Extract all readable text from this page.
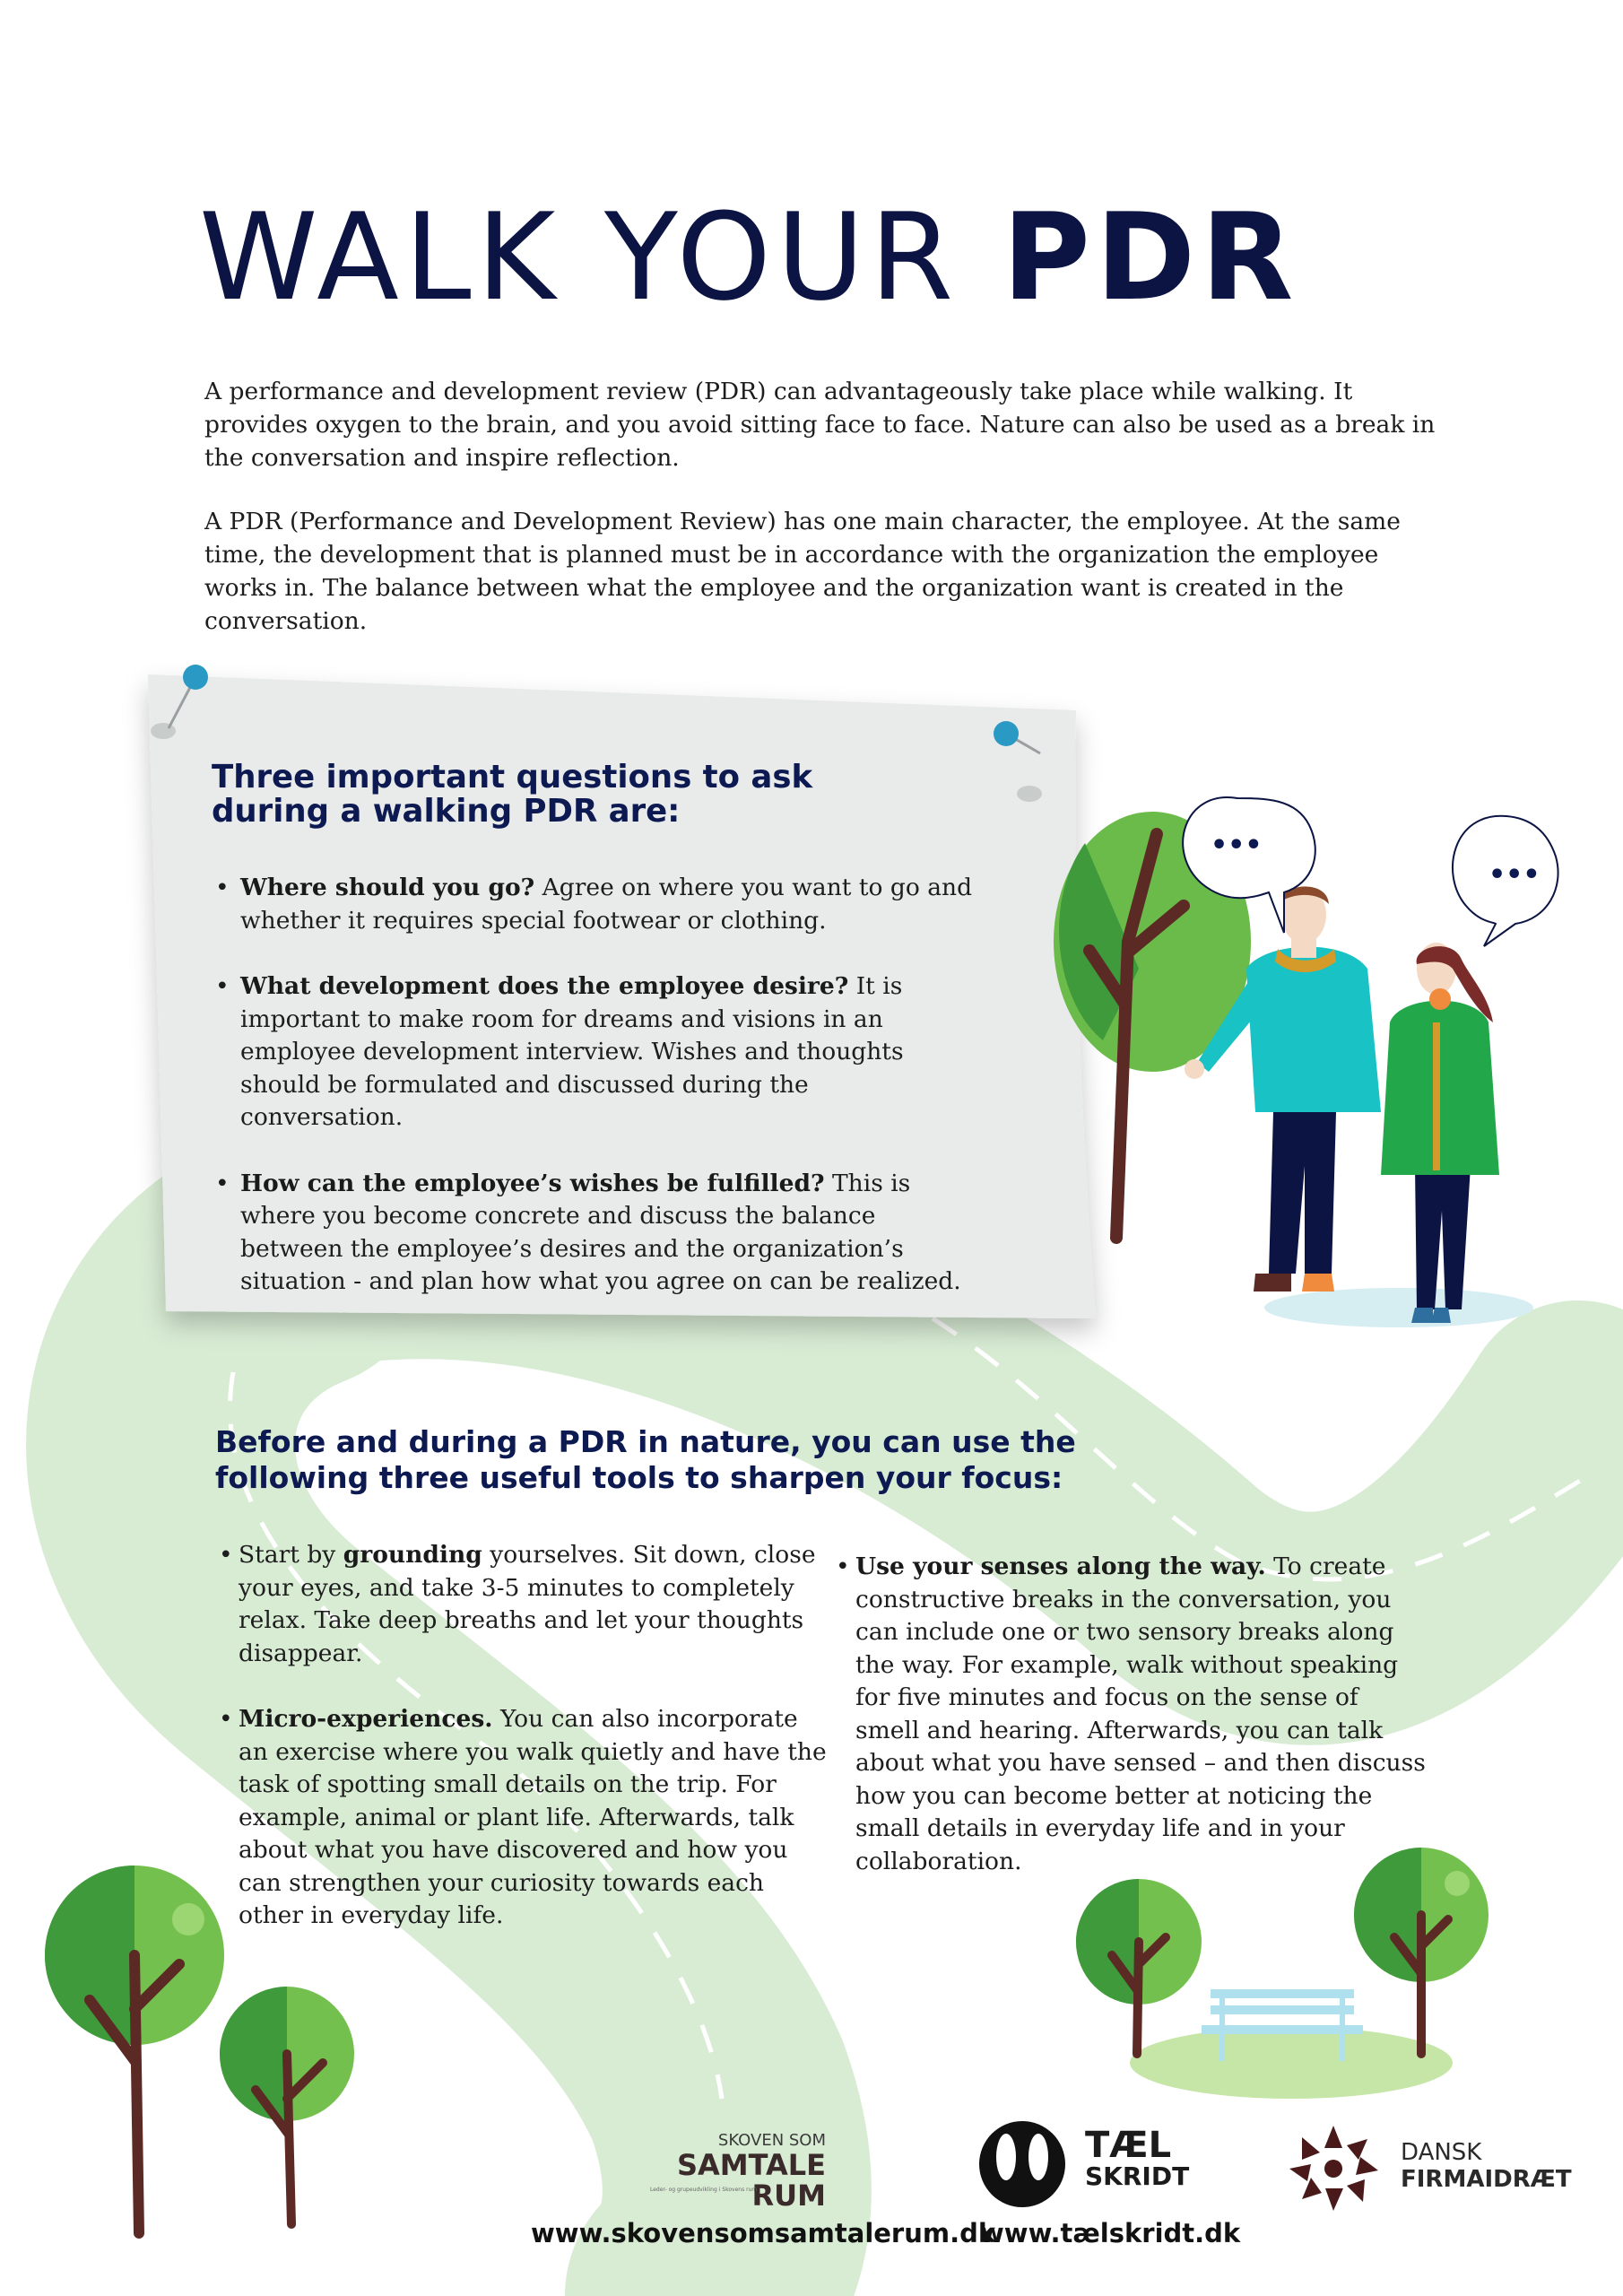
•••
•••
WALK YOUR PDR

A performance and development review (PDR) can advantageously take place while walking. It provides oxygen to the brain, and you avoid sitting face to face. Nature can also be used as a break in the conversation and inspire reflection.

A PDR (Performance and Development Review) has one main character, the employee. At the same time, the development that is planned must be in accordance with the organization the employee works in. The balance between what the employee and the organization want is created in the conversation.

Three important questions to ask
during a walking PDR are:
• Where should you go? Agree on where you want to go and whether it requires special footwear or clothing.
• What development does the employee desire? It is important to make room for dreams and visions in an employee development interview. Wishes and thoughts should be formulated and discussed during the conversation.
• How can the employee’s wishes be fulfilled? This is where you become concrete and discuss the balance between the employee’s desires and the organization’s situation - and plan how what you agree on can be realized.
Before and during a PDR in nature, you can use the
following three useful tools to sharpen your focus:

• Start by grounding yourselves. Sit down, close your eyes, and take 3-5 minutes to completely relax. Take deep breaths and let your thoughts disappear.

• Micro-experiences. You can also incorporate an exercise where you walk quietly and have the task of spotting small details on the trip. For example, animal or plant life. Afterwards, talk about what you have discovered and how you can strengthen your curiosity towards each other in everyday life.

• Use your senses along the way. To create constructive breaks in the conversation, you can include one or two sensory breaks along the way. For example, walk without speaking for five minutes and focus on the sense of smell and hearing. Afterwards, you can talk about what you have sensed – and then discuss how you can become better at noticing the small details in everyday life and in your collaboration.

SKOVEN SOM
SAMTALE
Leder- og grupeudvikling i Skovens rum
RUM
TÆL
SKRIDT
DANSK
FIRMAIDRÆT
www.skovensomsamtalerum.dk
www.tælskridt.dk
